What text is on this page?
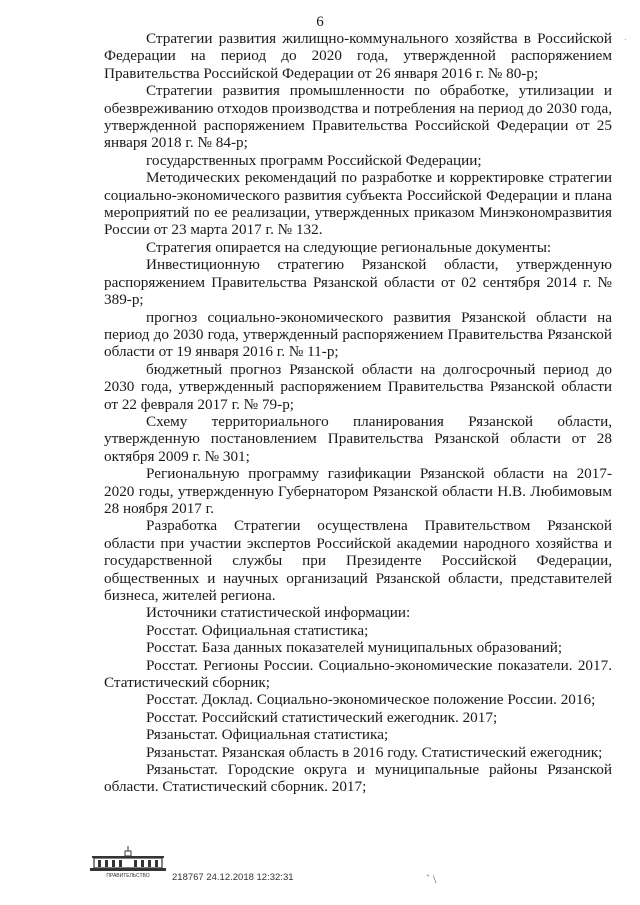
6

Стратегии развития жилищно-коммунального хозяйства в Российской Федерации на период до 2020 года, утвержденной распоряжением Правительства Российской Федерации от 26 января 2016 г. № 80-р;

Стратегии развития промышленности по обработке, утилизации и обезвреживанию отходов производства и потребления на период до 2030 года, утвержденной распоряжением Правительства Российской Федерации от 25 января 2018 г. № 84-р;

государственных программ Российской Федерации;

Методических рекомендаций по разработке и корректировке стратегии социально-экономического развития субъекта Российской Федерации и плана мероприятий по ее реализации, утвержденных приказом Минэкономразвития России от 23 марта 2017 г. № 132.

Стратегия опирается на следующие региональные документы:

Инвестиционную стратегию Рязанской области, утвержденную распоряжением Правительства Рязанской области от 02 сентября 2014 г. № 389-р;

прогноз социально-экономического развития Рязанской области на период до 2030 года, утвержденный распоряжением Правительства Рязанской области от 19 января 2016 г. № 11-р;

бюджетный прогноз Рязанской области на долгосрочный период до 2030 года, утвержденный распоряжением Правительства Рязанской области от 22 февраля 2017 г. № 79-р;

Схему территориального планирования Рязанской области, утвержденную постановлением Правительства Рязанской области от 28 октября 2009 г. № 301;

Региональную программу газификации Рязанской области на 2017-2020 годы, утвержденную Губернатором Рязанской области Н.В. Любимовым 28 ноября 2017 г.

Разработка Стратегии осуществлена Правительством Рязанской области при участии экспертов Российской академии народного хозяйства и государственной службы при Президенте Российской Федерации, общественных и научных организаций Рязанской области, представителей бизнеса, жителей региона.

Источники статистической информации:

Росстат. Официальная статистика;

Росстат. База данных показателей муниципальных образований;

Росстат. Регионы России. Социально-экономические показатели. 2017. Статистический сборник;

Росстат. Доклад. Социально-экономическое положение России. 2016;

Росстат. Российский статистический ежегодник. 2017;

Рязаньстат. Официальная статистика;

Рязаньстат. Рязанская область в 2016 году. Статистический ежегодник;

Рязаньстат. Городские округа и муниципальные районы Рязанской области. Статистический сборник. 2017;

ПРАВИТЕЛЬСТВО	218767 24.12.2018 12:32:31
·
` \
